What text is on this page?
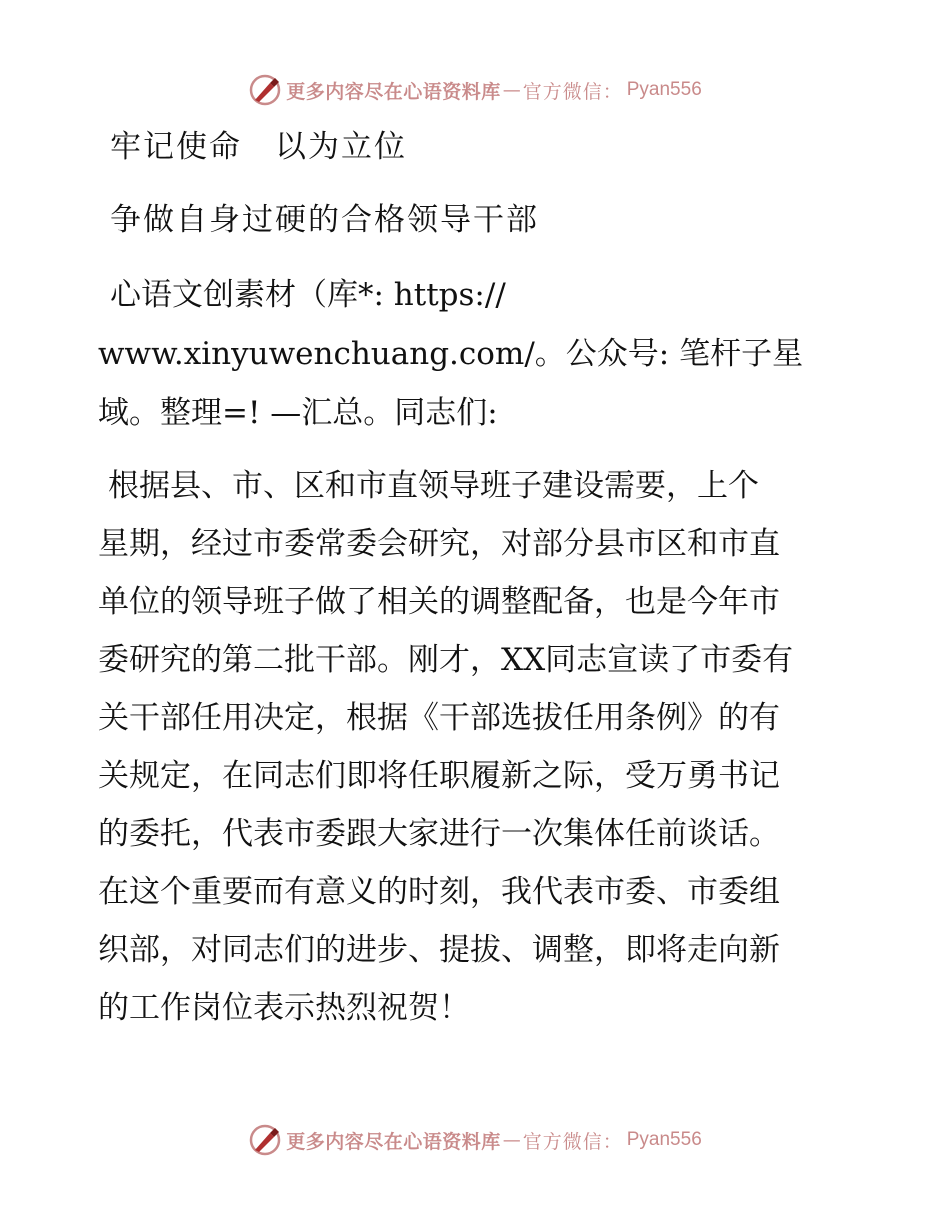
更多内容尽在心语资料库 — 官方微信： Pyan556
牢记使命　以为立位
争做自身过硬的合格领导干部
心语文创素材（库*: https://
www.xinyuwenchuang.com/。公众号: 笔杆子星
域。整理=! —汇总。同志们:
根据县、市、区和市直领导班子建设需要，上个
星期，经过市委常委会研究，对部分县市区和市直
单位的领导班子做了相关的调整配备，也是今年市
委研究的第二批干部。刚才，XX同志宣读了市委有
关干部任用决定，根据《干部选拔任用条例》的有
关规定，在同志们即将任职履新之际，受万勇书记
的委托，代表市委跟大家进行一次集体任前谈话。
在这个重要而有意义的时刻，我代表市委、市委组
织部，对同志们的进步、提拔、调整，即将走向新
的工作岗位表示热烈祝贺！
更多内容尽在心语资料库 — 官方微信： Pyan556
